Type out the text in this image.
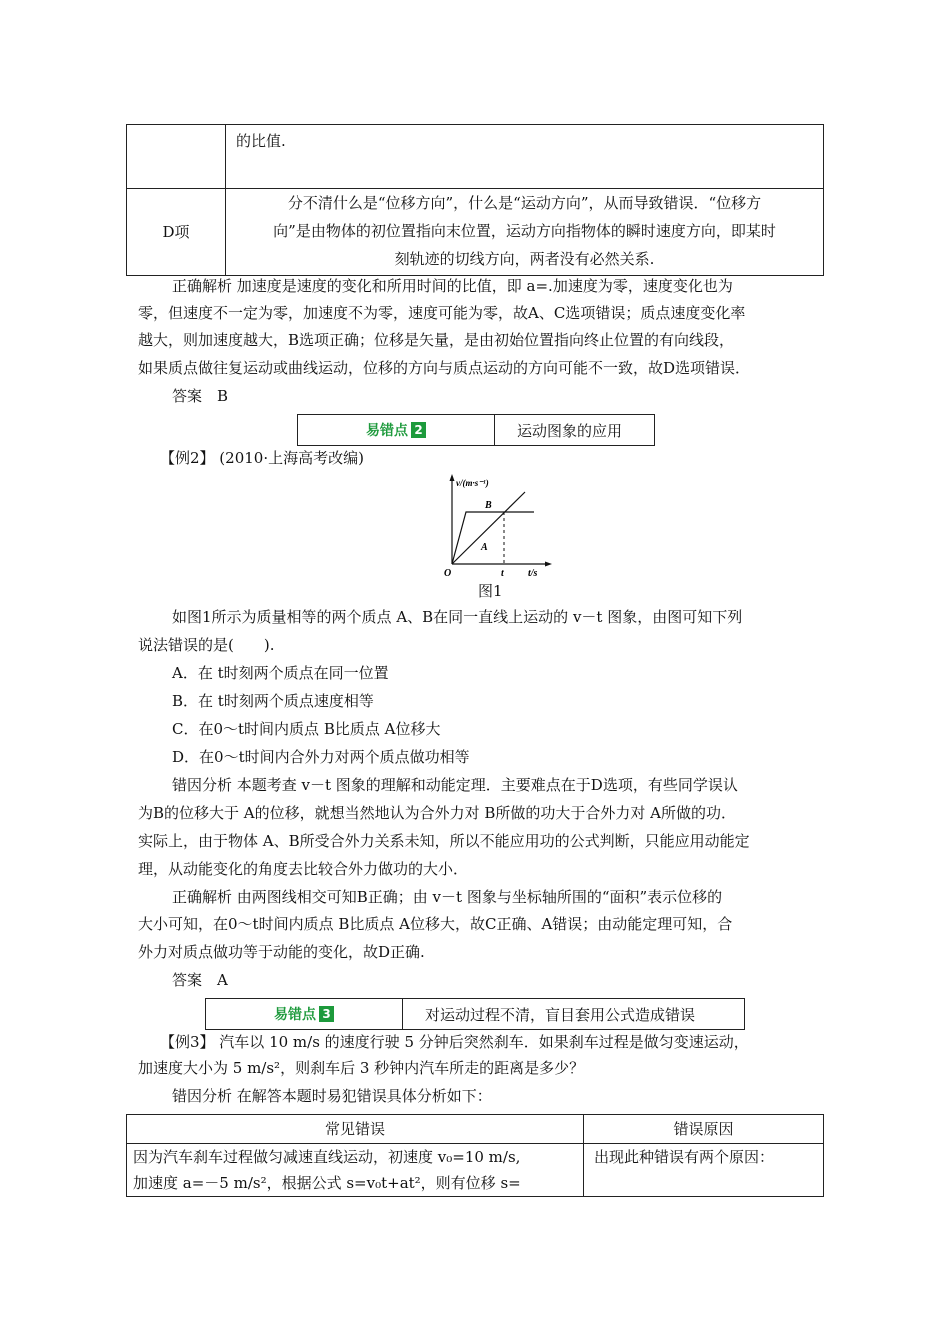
	的比值.
D项	分不清什么是“位移方向”，什么是“运动方向”，从而导致错误．“位移方
向”是由物体的初位置指向末位置，运动方向指物体的瞬时速度方向，即某时
刻轨迹的切线方向，两者没有必然关系.
正确解析 加速度是速度的变化和所用时间的比值，即 a=.加速度为零，速度变化也为
零，但速度不一定为零，加速度不为零，速度可能为零，故A、C选项错误；质点速度变化率
越大，则加速度越大，B选项正确；位移是矢量，是由初始位置指向终止位置的有向线段，
如果质点做往复运动或曲线运动，位移的方向与质点运动的方向可能不一致，故D选项错误．
答案　B
易错点 2	运动图象的应用
【例2】 (2010·上海高考改编)
v/(m·s⁻¹)
B
A
O	t t/s
图1
如图1所示为质量相等的两个质点 A、B在同一直线上运动的 v－t 图象，由图可知下列
说法错误的是(　　).
A．在 t时刻两个质点在同一位置
B．在 t时刻两个质点速度相等
C．在0～t时间内质点 B比质点 A位移大
D．在0～t时间内合外力对两个质点做功相等
错因分析 本题考查 v－t 图象的理解和动能定理．主要难点在于D选项，有些同学误认
为B的位移大于 A的位移，就想当然地认为合外力对 B所做的功大于合外力对 A所做的功．
实际上，由于物体 A、B所受合外力关系未知，所以不能应用功的公式判断，只能应用动能定
理，从动能变化的角度去比较合外力做功的大小．
正确解析 由两图线相交可知B正确；由 v－t 图象与坐标轴所围的“面积”表示位移的
大小可知，在0～t时间内质点 B比质点 A位移大，故C正确、A错误；由动能定理可知，合
外力对质点做功等于动能的变化，故D正确.
答案　A
易错点 3	对运动过程不清，盲目套用公式造成错误
【例3】 汽车以 10 m/s 的速度行驶 5 分钟后突然刹车．如果刹车过程是做匀变速运动，
加速度大小为 5 m/s²，则刹车后 3 秒钟内汽车所走的距离是多少？
错因分析 在解答本题时易犯错误具体分析如下：
常见错误	错误原因

因为汽车刹车过程做匀减速直线运动，初速度 v₀=10 m/s,
加速度 a=－5 m/s²，根据公式 s=v₀t+at²，则有位移 s=	出现此种错误有两个原因：
